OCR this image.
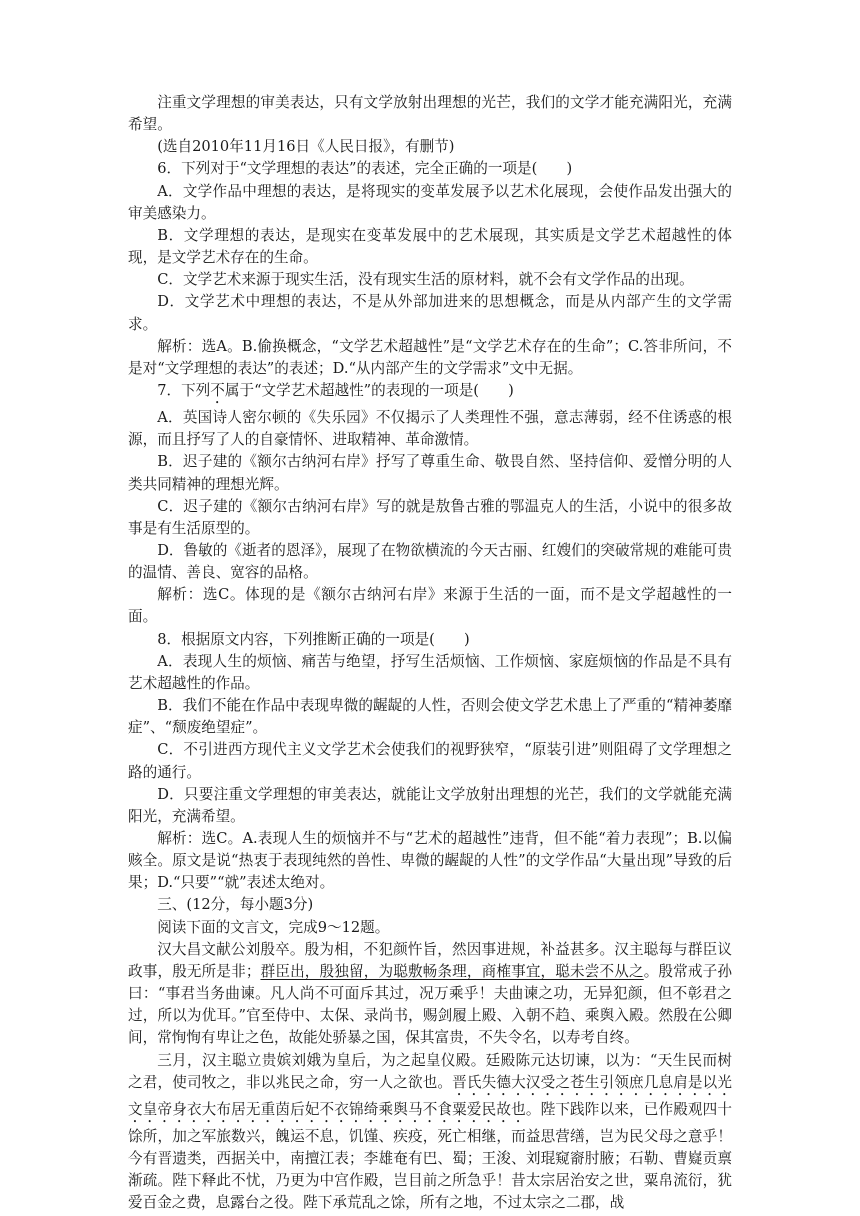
注重文学理想的审美表达，只有文学放射出理想的光芒，我们的文学才能充满阳光，充满希望。

(选自2010年11月16日《人民日报》，有删节)

6．下列对于“文学理想的表达”的表述，完全正确的一项是(　　)

A．文学作品中理想的表达，是将现实的变革发展予以艺术化展现，会使作品发出强大的审美感染力。

B．文学理想的表达，是现实在变革发展中的艺术展现，其实质是文学艺术超越性的体现，是文学艺术存在的生命。

C．文学艺术来源于现实生活，没有现实生活的原材料，就不会有文学作品的出现。

D．文学艺术中理想的表达，不是从外部加进来的思想概念，而是从内部产生的文学需求。

解析：选A。B.偷换概念，“文学艺术超越性”是“文学艺术存在的生命”；C.答非所问，不是对“文学理想的表达”的表述；D.“从内部产生的文学需求”文中无据。

7．下列不属于“文学艺术超越性”的表现的一项是(　　)

A．英国诗人密尔顿的《失乐园》不仅揭示了人类理性不强，意志薄弱，经不住诱惑的根源，而且抒写了人的自豪情怀、进取精神、革命激情。

B．迟子建的《额尔古纳河右岸》抒写了尊重生命、敬畏自然、坚持信仰、爱憎分明的人类共同精神的理想光辉。

C．迟子建的《额尔古纳河右岸》写的就是敖鲁古雅的鄂温克人的生活，小说中的很多故事是有生活原型的。

D．鲁敏的《逝者的恩泽》，展现了在物欲横流的今天古丽、红嫂们的突破常规的难能可贵的温情、善良、宽容的品格。

解析：选C。体现的是《额尔古纳河右岸》来源于生活的一面，而不是文学超越性的一面。

8．根据原文内容，下列推断正确的一项是(　　)

A．表现人生的烦恼、痛苦与绝望，抒写生活烦恼、工作烦恼、家庭烦恼的作品是不具有艺术超越性的作品。

B．我们不能在作品中表现卑微的龌龊的人性，否则会使文学艺术患上了严重的“精神萎靡症”、“颓废绝望症”。

C．不引进西方现代主义文学艺术会使我们的视野狭窄，“原装引进”则阻碍了文学理想之路的通行。

D．只要注重文学理想的审美表达，就能让文学放射出理想的光芒，我们的文学就能充满阳光，充满希望。

解析：选C。A.表现人生的烦恼并不与“艺术的超越性”违背，但不能“着力表现”；B.以偏赅全。原文是说“热衷于表现纯然的兽性、卑微的龌龊的人性”的文学作品“大量出现”导致的后果；D.“只要”“就”表述太绝对。

三、(12分，每小题3分)

阅读下面的文言文，完成9～12题。

汉大昌文献公刘殷卒。殷为相，不犯颜忤旨，然因事进规，补益甚多。汉主聪每与群臣议政事，殷无所是非；群臣出，殷独留，为聪敷畅条理，商榷事宜，聪未尝不从之。殷常戒子孙曰：“事君当务曲谏。凡人尚不可面斥其过，况万乘乎！夫曲谏之功，无异犯颜，但不彰君之过，所以为优耳。”官至侍中、太保、录尚书，赐剑履上殿、入朝不趋、乘舆入殿。然殷在公卿间，常恂恂有卑让之色，故能处骄暴之国，保其富贵，不失令名，以寿考自终。

三月，汉主聪立贵嫔刘娥为皇后，为之起皇仪殿。廷殿陈元达切谏，以为：“天生民而树之君，使司牧之，非以兆民之命，穷一人之欲也。晋氏失德大汉受之苍生引领庶几息肩是以光文皇帝身衣大布居无重茵后妃不衣锦绮乘舆马不食粟爱民故也。陛下践阼以来，已作殿观四十馀所，加之军旅数兴，餽运不息，饥馑、疾疫，死亡相继，而益思营缮，岂为民父母之意乎！今有晋遗类，西据关中，南擅江表；李雄奄有巴、蜀；王浚、刘琨窥窬肘腋；石勒、曹嶷贡禀渐疏。陛下释此不忧，乃更为中宫作殿，岂目前之所急乎！昔太宗居治安之世，粟帛流衍，犹爱百金之费，息露台之役。陛下承荒乱之馀，所有之地，不过太宗之二郡，战
